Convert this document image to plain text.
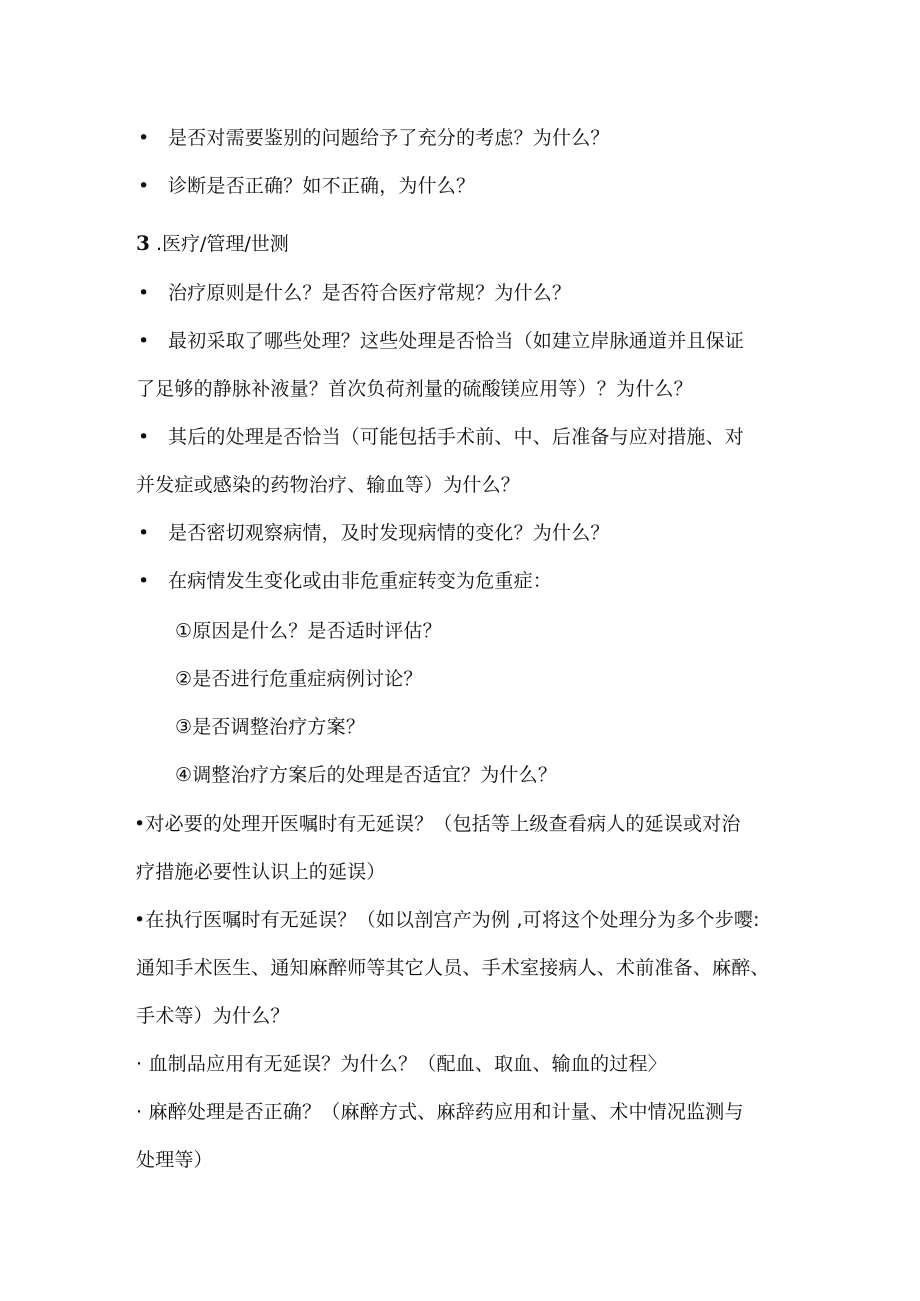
• 是否对需要鉴别的问题给予了充分的考虑？为什么？
• 诊断是否正确？如不正确，为什么？
3 .医疗/管理/世测
• 治疗原则是什么？是否符合医疗常规？为什么？
• 最初采取了哪些处理？这些处理是否恰当（如建立岸脉通道并且保证
了足够的静脉补液量？首次负荷剂量的硫酸镁应用等）？为什么？
• 其后的处理是否恰当（可能包括手术前、中、后准备与应对措施、对
并发症或感染的药物治疗、输血等）为什么？
• 是否密切观察病情，及时发现病情的变化？为什么？
• 在病情发生变化或由非危重症转变为危重症：
①原因是什么？是否适时评估？
②是否进行危重症病例讨论？
③是否调整治疗方案？
④调整治疗方案后的处理是否适宜？为什么？
•对必要的处理开医嘱时有无延误？（包括等上级查看病人的延误或对治
疗措施必要性认识上的延误）
•在执行医嘱时有无延误？（如以剖宫产为例 ,可将这个处理分为多个步嘤:
通知手术医生、通知麻醉师等其它人员、手术室接病人、术前准备、麻醉、
手术等）为什么？
· 血制品应用有无延误？为什么？（配血、取血、输血的过程〉
· 麻醉处理是否正确？（麻醉方式、麻辞药应用和计量、术中情况监测与
处理等）
